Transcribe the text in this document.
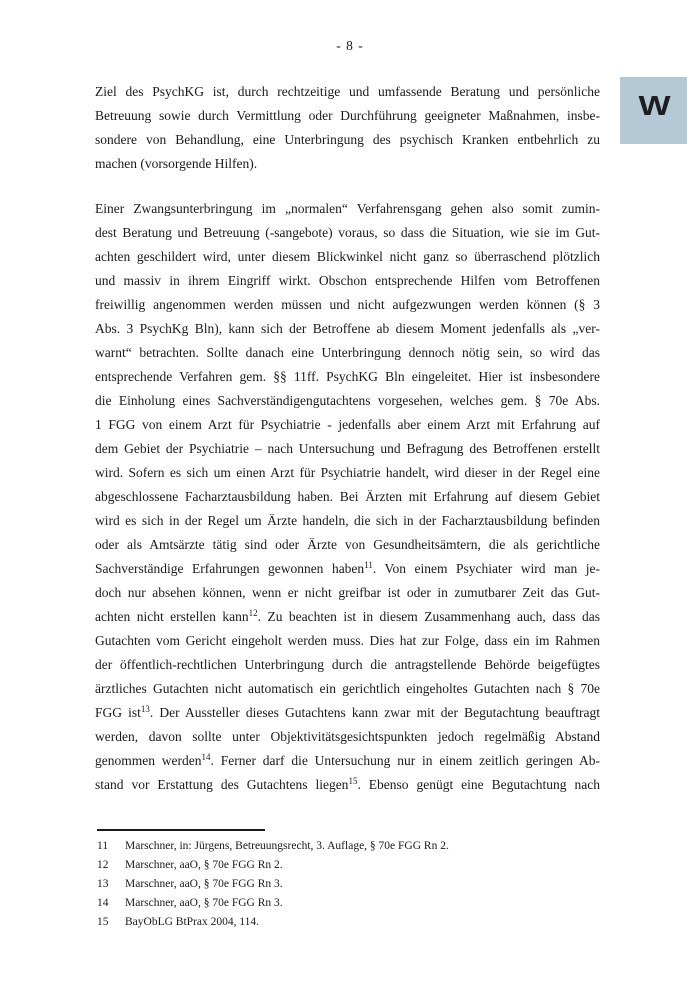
- 8 -
W
Ziel des PsychKG ist, durch rechtzeitige und umfassende Beratung und persönliche
Betreuung sowie durch Vermittlung oder Durchführung geeigneter Maßnahmen, insbe-
sondere von Behandlung, eine Unterbringung des psychisch Kranken entbehrlich zu
machen (vorsorgende Hilfen).
Einer Zwangsunterbringung im „normalen“ Verfahrensgang gehen also somit zumin-
dest Beratung und Betreuung (-sangebote) voraus, so dass die Situation, wie sie im Gut-
achten geschildert wird, unter diesem Blickwinkel nicht ganz so überraschend plötzlich
und massiv in ihrem Eingriff wirkt. Obschon entsprechende Hilfen vom Betroffenen
freiwillig angenommen werden müssen und nicht aufgezwungen werden können (§ 3
Abs. 3 PsychKg Bln), kann sich der Betroffene ab diesem Moment jedenfalls als „ver-
warnt“ betrachten. Sollte danach eine Unterbringung dennoch nötig sein, so wird das
entsprechende Verfahren gem. §§ 11ff. PsychKG Bln eingeleitet. Hier ist insbesondere
die Einholung eines Sachverständigengutachtens vorgesehen, welches gem. § 70e Abs.
1 FGG von einem Arzt für Psychiatrie - jedenfalls aber einem Arzt mit Erfahrung auf
dem Gebiet der Psychiatrie – nach Untersuchung und Befragung des Betroffenen erstellt
wird. Sofern es sich um einen Arzt für Psychiatrie handelt, wird dieser in der Regel eine
abgeschlossene Facharztausbildung haben. Bei Ärzten mit Erfahrung auf diesem Gebiet
wird es sich in der Regel um Ärzte handeln, die sich in der Facharztausbildung befinden
oder als Amtsärzte tätig sind oder Ärzte von Gesundheitsämtern, die als gerichtliche
Sachverständige Erfahrungen gewonnen haben$^{11}$. Von einem Psychiater wird man je-
doch nur absehen können, wenn er nicht greifbar ist oder in zumutbarer Zeit das Gut-
achten nicht erstellen kann$^{12}$. Zu beachten ist in diesem Zusammenhang auch, dass das
Gutachten vom Gericht eingeholt werden muss. Dies hat zur Folge, dass ein im Rahmen
der öffentlich-rechtlichen Unterbringung durch die antragstellende Behörde beigefügtes
ärztliches Gutachten nicht automatisch ein gerichtlich eingeholtes Gutachten nach § 70e
FGG ist$^{13}$. Der Aussteller dieses Gutachtens kann zwar mit der Begutachtung beauftragt
werden, davon sollte unter Objektivitätsgesichtspunkten jedoch regelmäßig Abstand
genommen werden$^{14}$. Ferner darf die Untersuchung nur in einem zeitlich geringen Ab-
stand vor Erstattung des Gutachtens liegen$^{15}$. Ebenso genügt eine Begutachtung nach
11	Marschner, in: Jürgens, Betreuungsrecht, 3. Auflage, § 70e FGG Rn 2.
12	Marschner, aaO, § 70e FGG Rn 2.
13	Marschner, aaO, § 70e FGG Rn 3.
14	Marschner, aaO, § 70e FGG Rn 3.
15	BayObLG BtPrax 2004, 114.
